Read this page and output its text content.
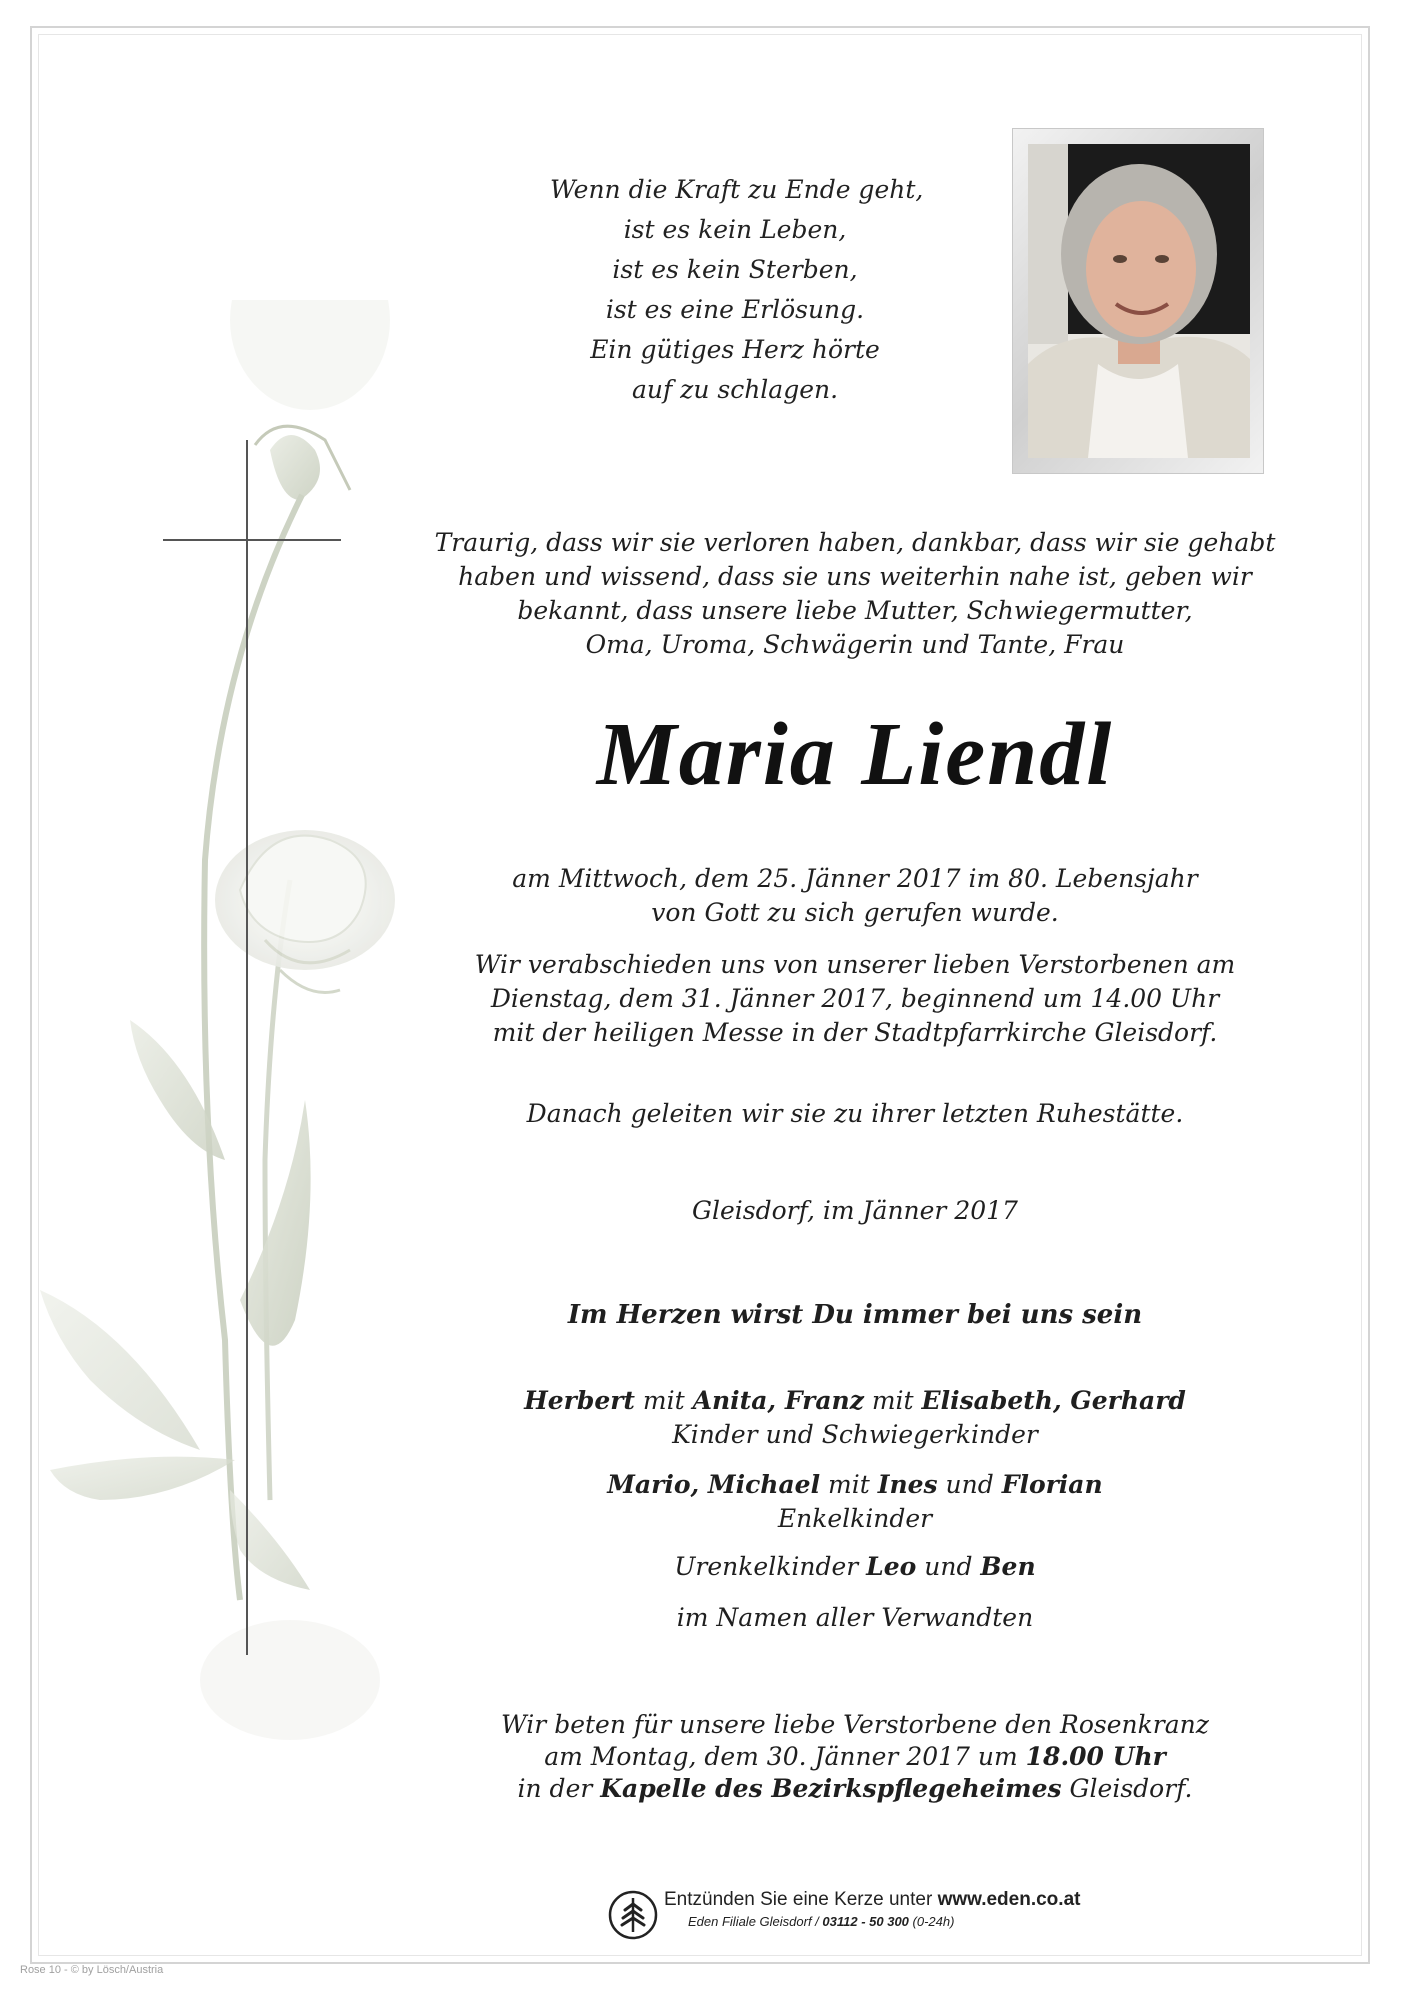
Wenn die Kraft zu Ende geht,
ist es kein Leben,
ist es kein Sterben,
ist es eine Erlösung.
Ein gütiges Herz hörte
auf zu schlagen.
Traurig, dass wir sie verloren haben, dankbar, dass wir sie gehabt
haben und wissend, dass sie uns weiterhin nahe ist, geben wir
bekannt, dass unsere liebe Mutter, Schwiegermutter,
Oma, Uroma, Schwägerin und Tante, Frau
Maria Liendl
am Mittwoch, dem 25. Jänner 2017 im 80. Lebensjahr
von Gott zu sich gerufen wurde.
Wir verabschieden uns von unserer lieben Verstorbenen am
Dienstag, dem 31. Jänner 2017, beginnend um 14.00 Uhr
mit der heiligen Messe in der Stadtpfarrkirche Gleisdorf.
Danach geleiten wir sie zu ihrer letzten Ruhestätte.
Gleisdorf, im Jänner 2017
Im Herzen wirst Du immer bei uns sein
Herbert mit Anita, Franz mit Elisabeth, Gerhard
Kinder und Schwiegerkinder
Mario, Michael mit Ines und Florian
Enkelkinder
Urenkelkinder Leo und Ben
im Namen aller Verwandten
Wir beten für unsere liebe Verstorbene den Rosenkranz
am Montag, dem 30. Jänner 2017 um 18.00 Uhr
in der Kapelle des Bezirkspflegeheimes Gleisdorf.
Entzünden Sie eine Kerze unter www.eden.co.at
Eden Filiale Gleisdorf / 03112 - 50 300 (0-24h)
Rose 10 - © by Lösch/Austria
